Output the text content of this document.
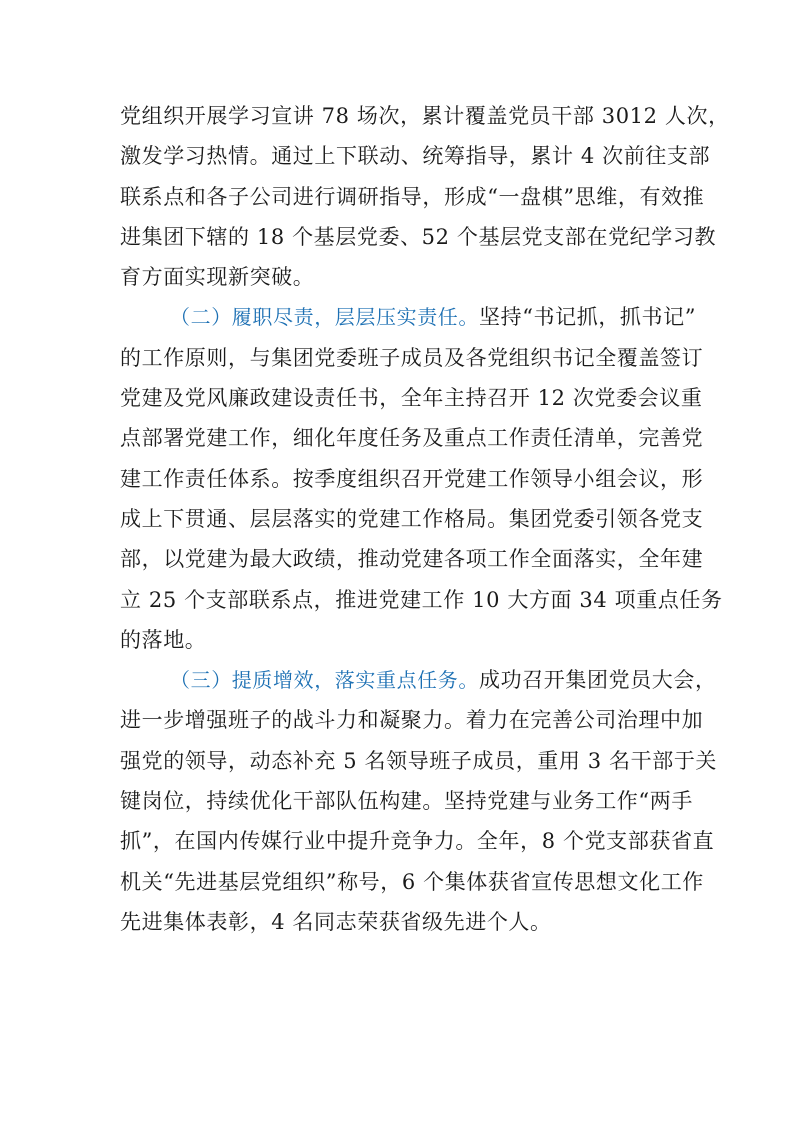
党组织开展学习宣讲 78 场次，累计覆盖党员干部 3012 人次，
激发学习热情。通过上下联动、统筹指导，累计 4 次前往支部
联系点和各子公司进行调研指导，形成“一盘棋”思维，有效推
进集团下辖的 18 个基层党委、52 个基层党支部在党纪学习教
育方面实现新突破。
（二）履职尽责，层层压实责任。坚持“书记抓，抓书记”
的工作原则，与集团党委班子成员及各党组织书记全覆盖签订
党建及党风廉政建设责任书，全年主持召开 12 次党委会议重
点部署党建工作，细化年度任务及重点工作责任清单，完善党
建工作责任体系。按季度组织召开党建工作领导小组会议，形
成上下贯通、层层落实的党建工作格局。集团党委引领各党支
部，以党建为最大政绩，推动党建各项工作全面落实，全年建
立 25 个支部联系点，推进党建工作 10 大方面 34 项重点任务
的落地。
（三）提质增效，落实重点任务。成功召开集团党员大会，
进一步增强班子的战斗力和凝聚力。着力在完善公司治理中加
强党的领导，动态补充 5 名领导班子成员，重用 3 名干部于关
键岗位，持续优化干部队伍构建。坚持党建与业务工作“两手
抓”，在国内传媒行业中提升竞争力。全年，8 个党支部获省直
机关“先进基层党组织”称号，6 个集体获省宣传思想文化工作
先进集体表彰，4 名同志荣获省级先进个人。
